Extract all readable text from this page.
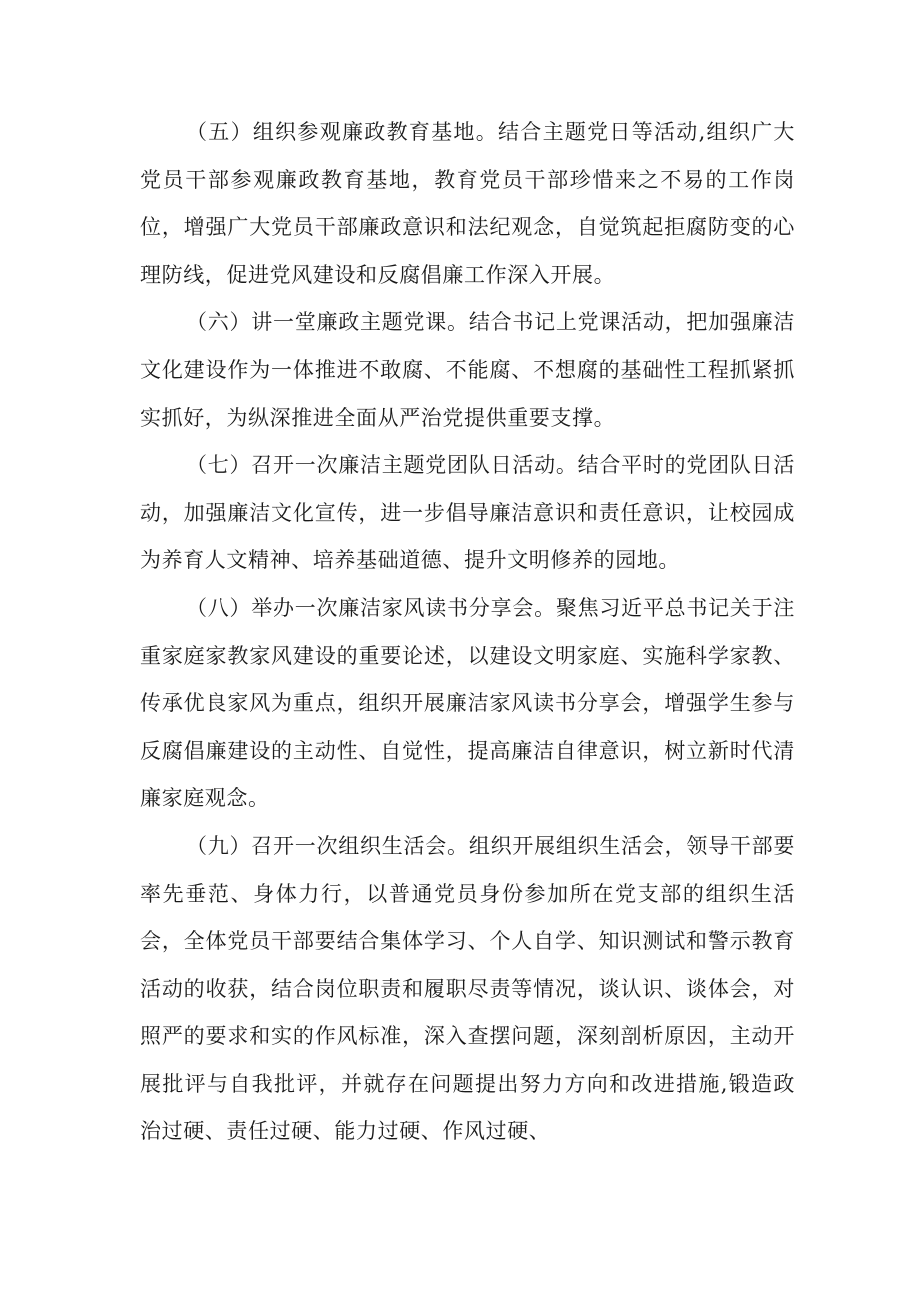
（五）组织参观廉政教育基地。结合主题党日等活动,组织广大党员干部参观廉政教育基地，教育党员干部珍惜来之不易的工作岗位，增强广大党员干部廉政意识和法纪观念，自觉筑起拒腐防变的心理防线，促进党风建设和反腐倡廉工作深入开展。

（六）讲一堂廉政主题党课。结合书记上党课活动，把加强廉洁文化建设作为一体推进不敢腐、不能腐、不想腐的基础性工程抓紧抓实抓好，为纵深推进全面从严治党提供重要支撑。

（七）召开一次廉洁主题党团队日活动。结合平时的党团队日活动，加强廉洁文化宣传，进一步倡导廉洁意识和责任意识，让校园成为养育人文精神、培养基础道德、提升文明修养的园地。

（八）举办一次廉洁家风读书分享会。聚焦习近平总书记关于注重家庭家教家风建设的重要论述，以建设文明家庭、实施科学家教、传承优良家风为重点，组织开展廉洁家风读书分享会，增强学生参与反腐倡廉建设的主动性、自觉性，提高廉洁自律意识，树立新时代清廉家庭观念。

（九）召开一次组织生活会。组织开展组织生活会，领导干部要率先垂范、身体力行，以普通党员身份参加所在党支部的组织生活会，全体党员干部要结合集体学习、个人自学、知识测试和警示教育活动的收获，结合岗位职责和履职尽责等情况，谈认识、谈体会，对照严的要求和实的作风标准，深入查摆问题，深刻剖析原因，主动开展批评与自我批评，并就存在问题提出努力方向和改进措施,锻造政治过硬、责任过硬、能力过硬、作风过硬、
